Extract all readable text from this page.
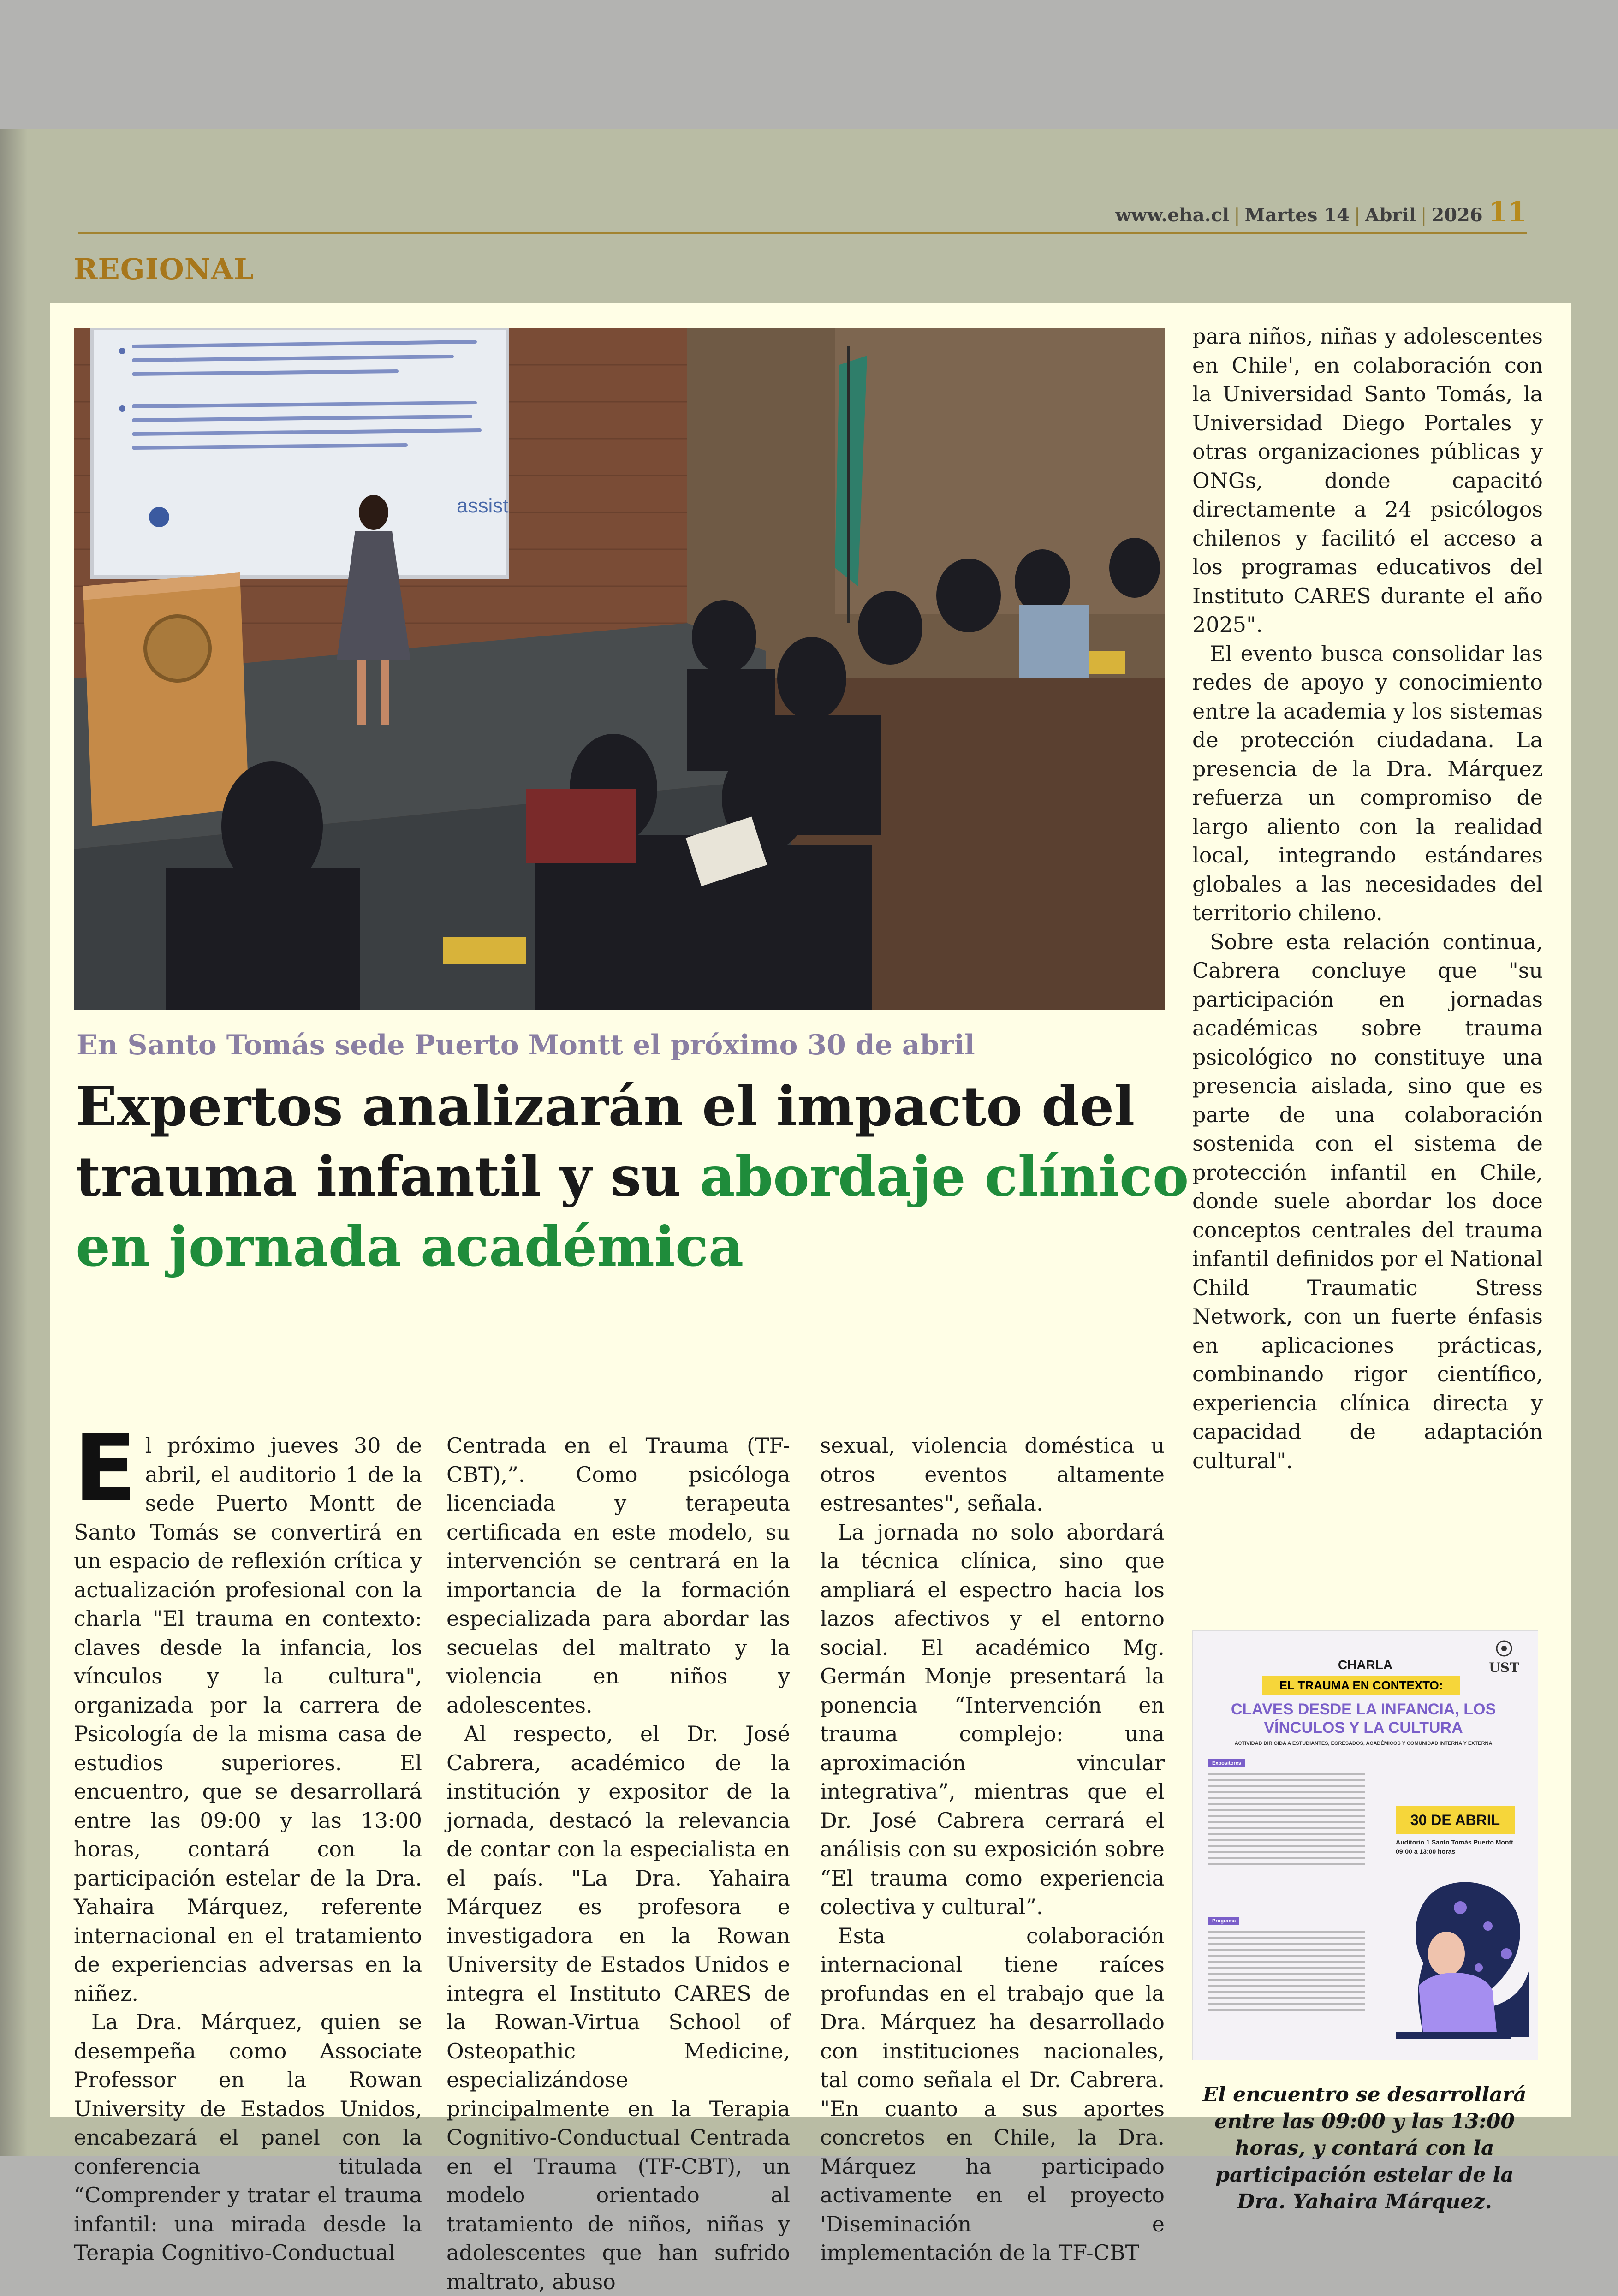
www.eha.cl | Martes 14 | Abril | 2026 11
REGIONAL
assist
En Santo Tomás sede Puerto Montt el próximo 30 de abril
Expertos analizarán el impacto del trauma infantil y su abordaje clínico en jornada académica

El próximo jueves 30 de abril, el auditorio 1 de la sede Puerto Montt de Santo Tomás se convertirá en un espacio de reflexión crítica y actualización profesional con la charla "El trauma en contexto: claves desde la infancia, los vínculos y la cultura", organizada por la carrera de Psicología de la misma casa de estudios superiores. El encuentro, que se desarrollará entre las 09:00 y las 13:00 horas, contará con la participación estelar de la Dra. Yahaira Márquez, referente internacional en el tratamiento de experiencias adversas en la niñez.

La Dra. Márquez, quien se desempeña como Associate Professor en la Rowan University de Estados Unidos, encabezará el panel con la conferencia titulada “Comprender y tratar el trauma infantil: una mirada desde la Terapia Cognitivo-Conductual

Centrada en el Trauma (TF-CBT),”. Como psicóloga licenciada y terapeuta certificada en este modelo, su intervención se centrará en la importancia de la formación especializada para abordar las secuelas del maltrato y la violencia en niños y adolescentes.

Al respecto, el Dr. José Cabrera, académico de la institución y expositor de la jornada, destacó la relevancia de contar con la especialista en el país. "La Dra. Yahaira Márquez es profesora e investigadora en la Rowan University de Estados Unidos e integra el Instituto CARES de la Rowan-Virtua School of Osteopathic Medicine, especializándose principalmente en la Terapia Cognitivo-Conductual Centrada en el Trauma (TF-CBT), un modelo orientado al tratamiento de niños, niñas y adolescentes que han sufrido maltrato, abuso

sexual, violencia doméstica u otros eventos altamente estresantes", señala.

La jornada no solo abordará la técnica clínica, sino que ampliará el espectro hacia los lazos afectivos y el entorno social. El académico Mg. Germán Monje presentará la ponencia “Intervención en trauma complejo: una aproximación vincular integrativa”, mientras que el Dr. José Cabrera cerrará el análisis con su exposición sobre “El trauma como experiencia colectiva y cultural”.

Esta colaboración internacional tiene raíces profundas en el trabajo que la Dra. Márquez ha desarrollado con instituciones nacionales, tal como señala el Dr. Cabrera. "En cuanto a sus aportes concretos en Chile, la Dra. Márquez ha participado activamente en el proyecto 'Diseminación e implementación de la TF-CBT

para niños, niñas y adolescentes en Chile', en colaboración con la Universidad Santo Tomás, la Universidad Diego Portales y otras organizaciones públicas y ONGs, donde capacitó directamente a 24 psicólogos chilenos y facilitó el acceso a los programas educativos del Instituto CARES durante el año 2025".

El evento busca consolidar las redes de apoyo y conocimiento entre la academia y los sistemas de protección ciudadana. La presencia de la Dra. Márquez refuerza un compromiso de largo aliento con la realidad local, integrando estándares globales a las necesidades del territorio chileno.

Sobre esta relación continua, Cabrera concluye que "su participación en jornadas académicas sobre trauma psicológico no constituye una presencia aislada, sino que es parte de una colaboración sostenida con el sistema de protección infantil en Chile, donde suele abordar los doce conceptos centrales del trauma infantil definidos por el National Child Traumatic Stress Network, con un fuerte énfasis en aplicaciones prácticas, combinando rigor científico, experiencia clínica directa y capacidad de adaptación cultural".

UST
CHARLA
EL TRAUMA EN CONTEXTO:
CLAVES DESDE LA INFANCIA, LOS VÍNCULOS Y LA CULTURA
ACTIVIDAD DIRIGIDA A ESTUDIANTES, EGRESADOS, ACADÉMICOS Y COMUNIDAD INTERNA Y EXTERNA
Expositores
Programa
30 DE ABRIL
Auditorio 1 Santo Tomás Puerto Montt
09:00 a 13:00 horas
El encuentro se desarrollará entre las 09:00 y las 13:00 horas, y contará con la participación estelar de la Dra. Yahaira Márquez.
